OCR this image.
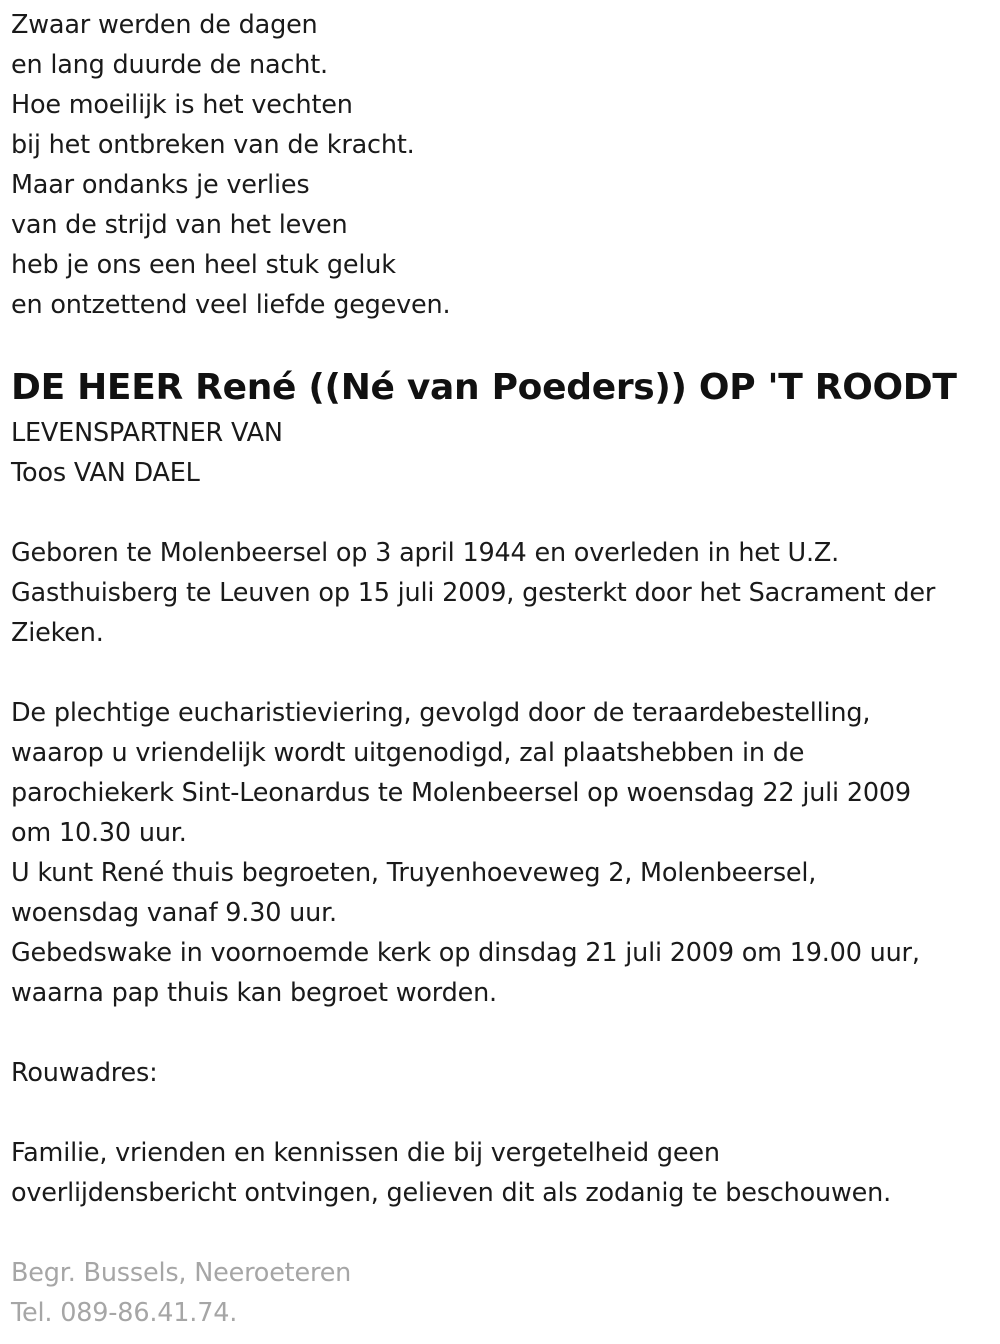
Zwaar werden de dagen
en lang duurde de nacht.
Hoe moeilijk is het vechten
bij het ontbreken van de kracht.
Maar ondanks je verlies
van de strijd van het leven
heb je ons een heel stuk geluk
en ontzettend veel liefde gegeven.
DE HEER René ((Né van Poeders)) OP 'T ROODT
LEVENSPARTNER VAN
Toos VAN DAEL
Geboren te Molenbeersel op 3 april 1944 en overleden in het U.Z.
Gasthuisberg te Leuven op 15 juli 2009, gesterkt door het Sacrament der
Zieken.
De plechtige eucharistieviering, gevolgd door de teraardebestelling,
waarop u vriendelijk wordt uitgenodigd, zal plaatshebben in de
parochiekerk Sint-Leonardus te Molenbeersel op woensdag 22 juli 2009
om 10.30 uur.
U kunt René thuis begroeten, Truyenhoeveweg 2, Molenbeersel,
woensdag vanaf 9.30 uur.
Gebedswake in voornoemde kerk op dinsdag 21 juli 2009 om 19.00 uur,
waarna pap thuis kan begroet worden.
Rouwadres:
Familie, vrienden en kennissen die bij vergetelheid geen
overlijdensbericht ontvingen, gelieven dit als zodanig te beschouwen.
Begr. Bussels, Neeroeteren
Tel. 089-86.41.74.
